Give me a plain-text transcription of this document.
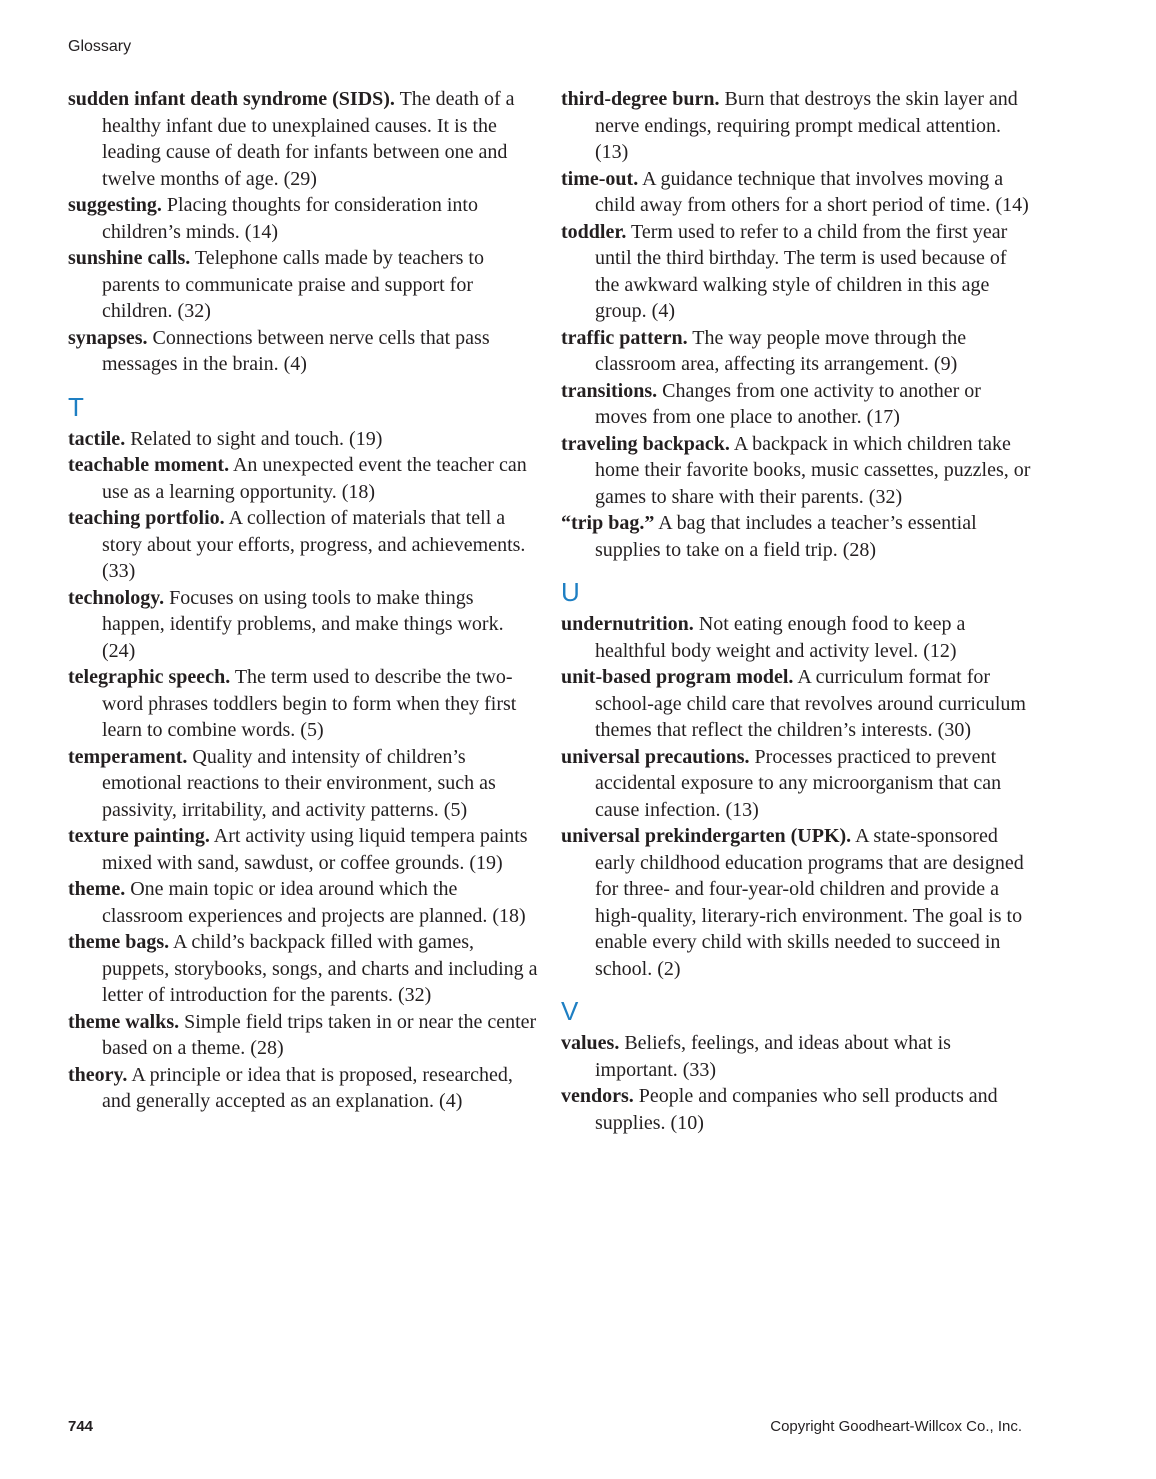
Glossary

sudden infant death syndrome (SIDS). The death of a healthy infant due to unexplained causes. It is the leading cause of death for infants between one and twelve months of age. (29)

suggesting. Placing thoughts for consideration into children’s minds. (14)

sunshine calls. Telephone calls made by teachers to parents to communicate praise and support for children. (32)

synapses. Connections between nerve cells that pass messages in the brain. (4)

T

tactile. Related to sight and touch. (19)

teachable moment. An unexpected event the teacher can use as a learning opportunity. (18)

teaching portfolio. A collection of materials that tell a story about your efforts, progress, and achievements. (33)

technology. Focuses on using tools to make things happen, identify problems, and make things work. (24)

telegraphic speech. The term used to describe the two-word phrases toddlers begin to form when they first learn to combine words. (5)

temperament. Quality and intensity of children’s emotional reactions to their environment, such as passivity, irritability, and activity patterns. (5)

texture painting. Art activity using liquid tempera paints mixed with sand, sawdust, or coffee grounds. (19)

theme. One main topic or idea around which the classroom experiences and projects are planned. (18)

theme bags. A child’s backpack filled with games, puppets, storybooks, songs, and charts and including a letter of introduction for the parents. (32)

theme walks. Simple field trips taken in or near the center based on a theme. (28)

theory. A principle or idea that is proposed, researched, and generally accepted as an explanation. (4)

third-degree burn. Burn that destroys the skin layer and nerve endings, requiring prompt medical attention. (13)

time-out. A guidance technique that involves moving a child away from others for a short period of time. (14)

toddler. Term used to refer to a child from the first year until the third birthday. The term is used because of the awkward walking style of children in this age group. (4)

traffic pattern. The way people move through the classroom area, affecting its arrangement. (9)

transitions. Changes from one activity to another or moves from one place to another. (17)

traveling backpack. A backpack in which children take home their favorite books, music cassettes, puzzles, or games to share with their parents. (32)

“trip bag.” A bag that includes a teacher’s essential supplies to take on a field trip. (28)

U

undernutrition. Not eating enough food to keep a healthful body weight and activity level. (12)

unit-based program model. A curriculum format for school-age child care that revolves around curriculum themes that reflect the children’s interests. (30)

universal precautions. Processes practiced to prevent accidental exposure to any microorganism that can cause infection. (13)

universal prekindergarten (UPK). A state-sponsored early childhood education programs that are designed for three- and four-year-old children and provide a high-quality, literary-rich environment. The goal is to enable every child with skills needed to succeed in school. (2)

V

values. Beliefs, feelings, and ideas about what is important. (33)

vendors. People and companies who sell products and supplies. (10)

744	Copyright Goodheart-Willcox Co., Inc.
